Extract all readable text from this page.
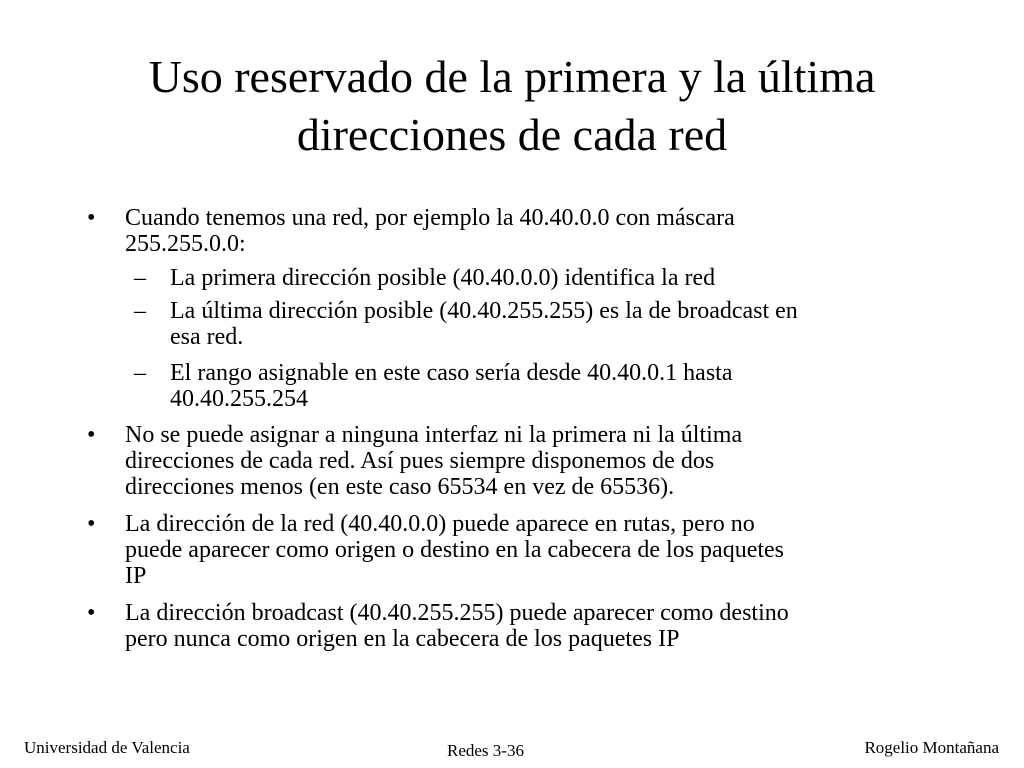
Uso reservado de la primera y la última
direcciones de cada red
• Cuando tenemos una red, por ejemplo la 40.40.0.0 con máscara
255.255.0.0:
– La primera dirección posible (40.40.0.0) identifica la red
– La última dirección posible (40.40.255.255) es la de broadcast en
esa red.
– El rango asignable en este caso sería desde 40.40.0.1 hasta
40.40.255.254
• No se puede asignar a ninguna interfaz ni la primera ni la última
direcciones de cada red. Así pues siempre disponemos de dos
direcciones menos (en este caso 65534 en vez de 65536).
• La dirección de la red (40.40.0.0) puede aparece en rutas, pero no
puede aparecer como origen o destino en la cabecera de los paquetes
IP
• La dirección broadcast (40.40.255.255) puede aparecer como destino
pero nunca como origen en la cabecera de los paquetes IP
Universidad de Valencia	Redes 3-36	Rogelio Montañana
